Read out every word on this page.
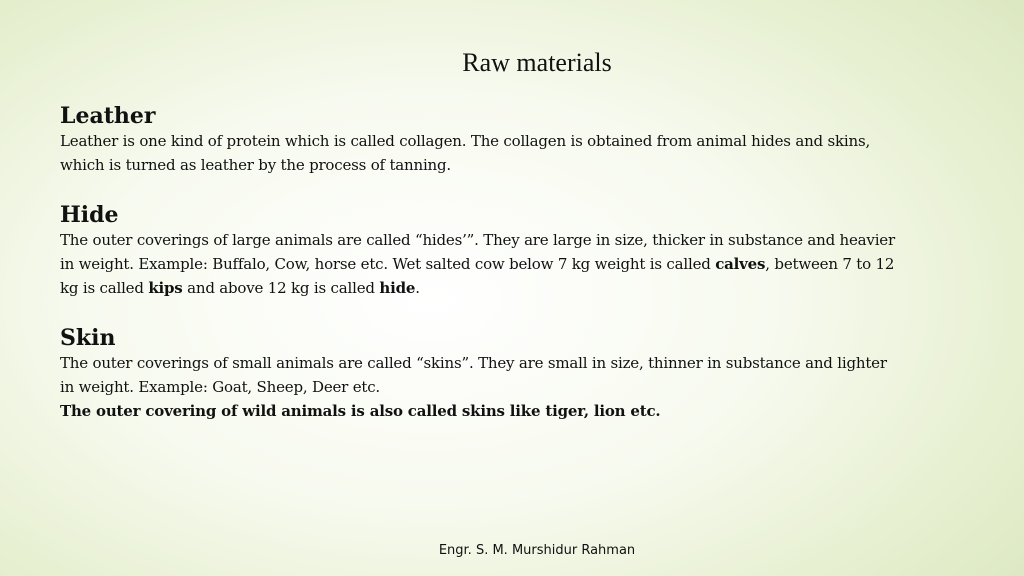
Raw materials

Leather

Leather is one kind of protein which is called collagen. The collagen is obtained from animal hides and skins,

which is turned as leather by the process of tanning.

Hide

The outer coverings of large animals are called “hides’”. They are large in size, thicker in substance and heavier

in weight. Example: Buffalo, Cow, horse etc. Wet salted cow below 7 kg weight is called calves, between 7 to 12

kg is called kips and above 12 kg is called hide.

Skin

The outer coverings of small animals are called “skins”. They are small in size, thinner in substance and lighter

in weight. Example: Goat, Sheep, Deer etc.

The outer covering of wild animals is also called skins like tiger, lion etc.

Engr. S. M. Murshidur Rahman
